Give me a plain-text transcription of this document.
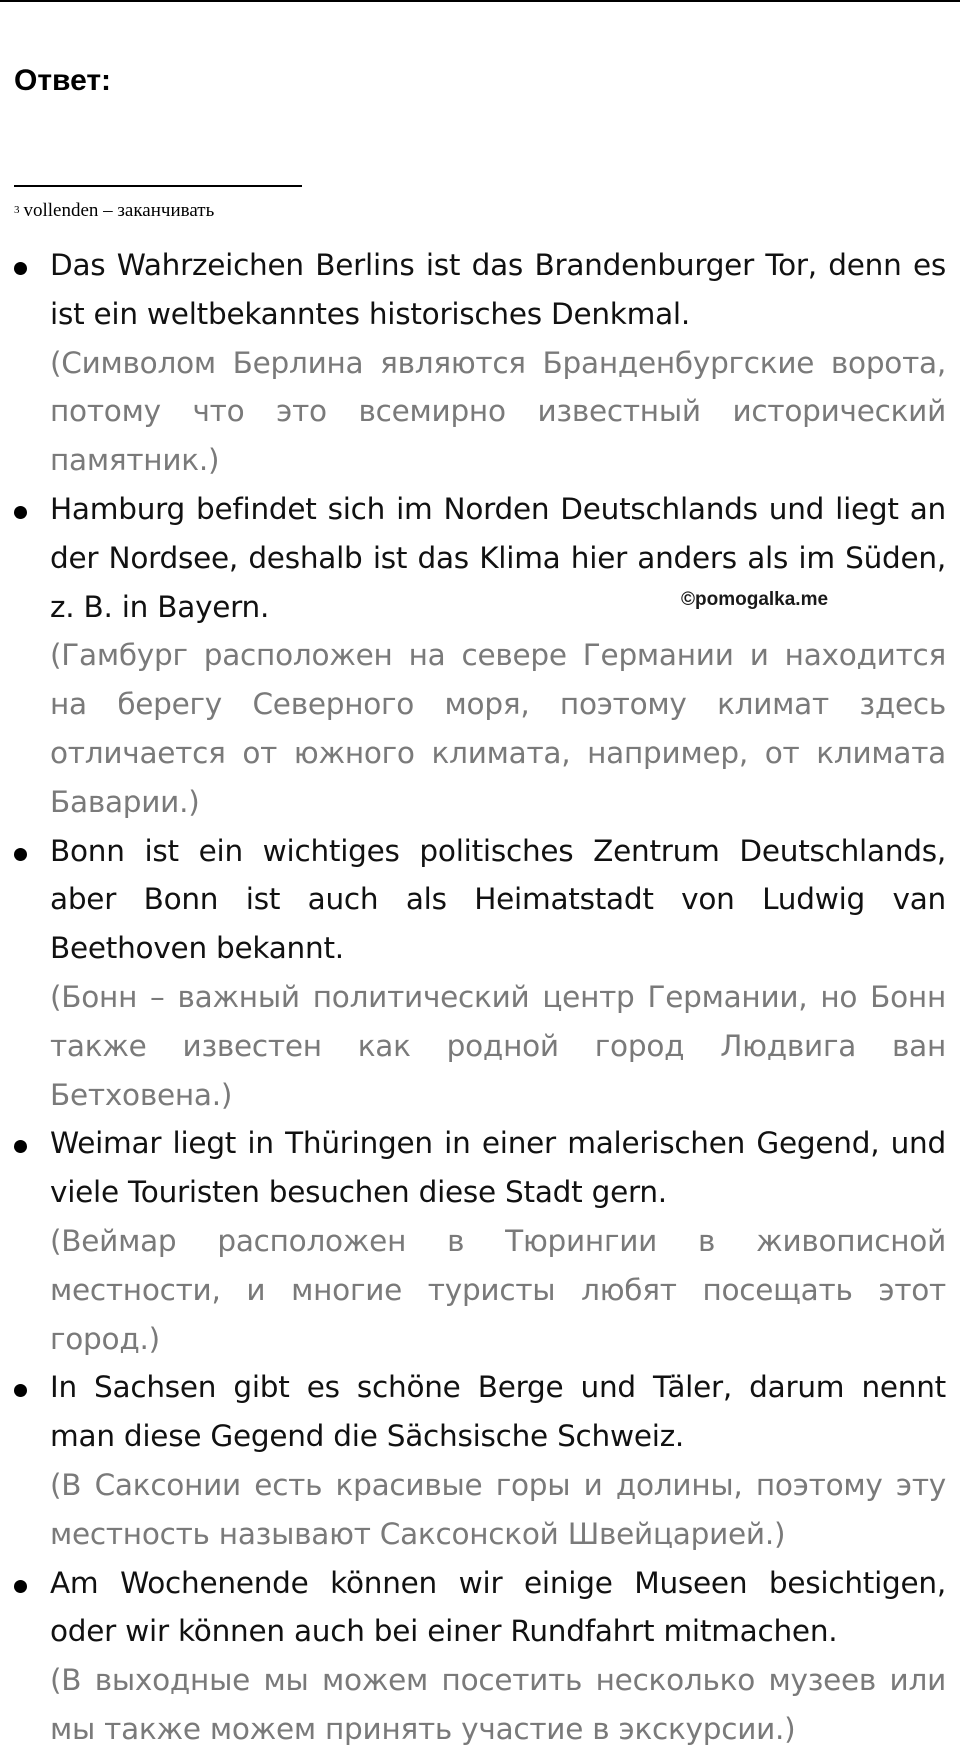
Ответ:
$^3$ vollenden – заканчивать

Das Wahrzeichen Berlins ist das Brandenburger Tor, denn es ist ein weltbekanntes historisches Denkmal.

(Символом Берлина являются Бранденбургские ворота, потому что это всемирно известный исторический памятник.)

Hamburg befindet sich im Norden Deutschlands und liegt an der Nordsee, deshalb ist das Klima hier anders als im Süden, z. B. in Bayern.

(Гамбург расположен на севере Германии и находится на берегу Северного моря, поэтому климат здесь отличается от южного климата, например, от климата Баварии.)

Bonn ist ein wichtiges politisches Zentrum Deutschlands, aber Bonn ist auch als Heimatstadt von Ludwig van Beethoven bekannt.

(Бонн – важный политический центр Германии, но Бонн также известен как родной город Людвига ван Бетховена.)

Weimar liegt in Thüringen in einer malerischen Gegend, und viele Touristen besuchen diese Stadt gern.

(Веймар расположен в Тюрингии в живописной местности, и многие туристы любят посещать этот город.)

In Sachsen gibt es schöne Berge und Täler, darum nennt man diese Gegend die Sächsische Schweiz.

(В Саксонии есть красивые горы и долины, поэтому эту местность называют Саксонской Швейцарией.)

Am Wochenende können wir einige Museen besichtigen, oder wir können auch bei einer Rundfahrt mitmachen.

(В выходные мы можем посетить несколько музеев или мы также можем принять участие в экскурсии.)

©pomogalka.me
